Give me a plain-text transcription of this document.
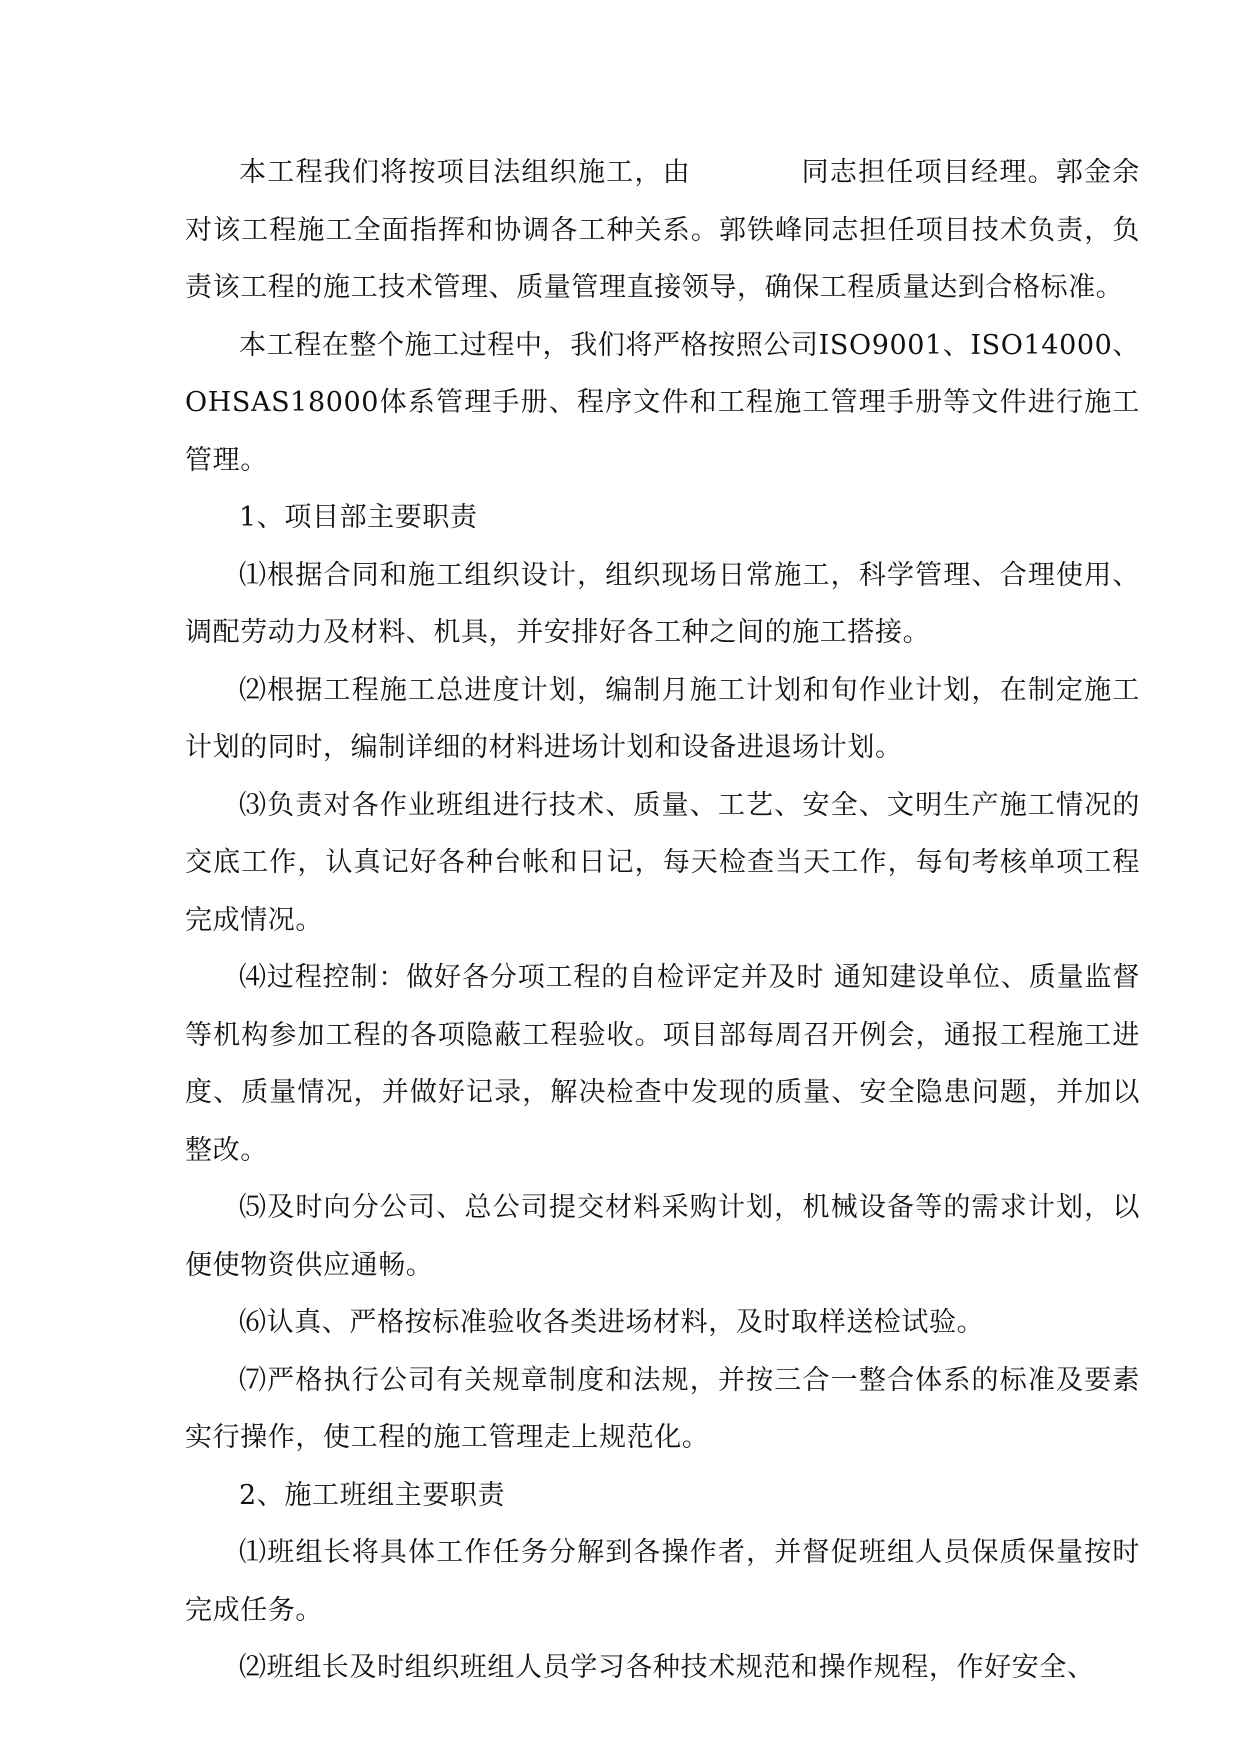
本工程我们将按项目法组织施工，由	同志担任项目经理。郭金余对该工程施工全面指挥和协调各工种关系。郭铁峰同志担任项目技术负责，负责该工程的施工技术管理、质量管理直接领导，确保工程质量达到合格标准。

本工程在整个施工过程中，我们将严格按照公司ISO9001、ISO14000、OHSAS18000体系管理手册、程序文件和工程施工管理手册等文件进行施工管理。

1、项目部主要职责

⑴根据合同和施工组织设计，组织现场日常施工，科学管理、合理使用、调配劳动力及材料、机具，并安排好各工种之间的施工搭接。

⑵根据工程施工总进度计划，编制月施工计划和旬作业计划，在制定施工计划的同时，编制详细的材料进场计划和设备进退场计划。

⑶负责对各作业班组进行技术、质量、工艺、安全、文明生产施工情况的交底工作，认真记好各种台帐和日记，每天检查当天工作，每旬考核单项工程完成情况。

⑷过程控制：做好各分项工程的自检评定并及时 通知建设单位、质量监督等机构参加工程的各项隐蔽工程验收。项目部每周召开例会，通报工程施工进度、质量情况，并做好记录，解决检查中发现的质量、安全隐患问题，并加以整改。

⑸及时向分公司、总公司提交材料采购计划，机械设备等的需求计划，以便使物资供应通畅。

⑹认真、严格按标准验收各类进场材料，及时取样送检试验。

⑺严格执行公司有关规章制度和法规，并按三合一整合体系的标准及要素实行操作，使工程的施工管理走上规范化。

2、施工班组主要职责

⑴班组长将具体工作任务分解到各操作者，并督促班组人员保质保量按时完成任务。

⑵班组长及时组织班组人员学习各种技术规范和操作规程，作好安全、
